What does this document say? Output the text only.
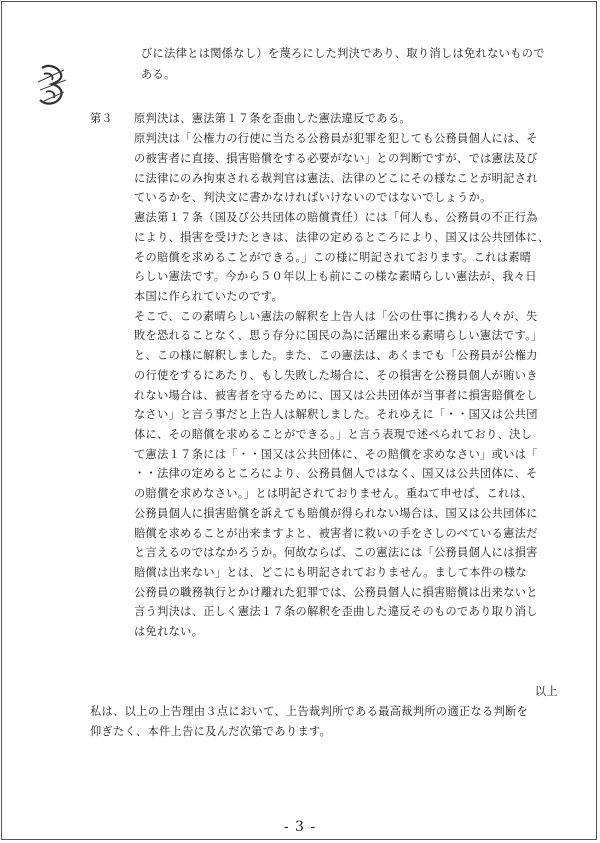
びに法律とは関係なし）を蔑ろにした判決であり、取り消しは免れないもので
ある。
第３ 原判決は、憲法第１７条を歪曲した憲法違反である。
原判決は「公権力の行使に当たる公務員が犯罪を犯しても公務員個人には、そ
の被害者に直接、損害賠償をする必要がない」との判断ですが、では憲法及び
に法律にのみ拘束される裁判官は憲法、法律のどこにその様なことが明記され
ているかを、判決文に書かなければいけないのではないでしょうか。
憲法第１７条（国及び公共団体の賠償責任）には「何人も、公務員の不正行為
により、損害を受けたときは、法律の定めるところにより、国又は公共団体に、
その賠償を求めることができる。」この様に明記されております。これは素晴
らしい憲法です。今から５０年以上も前にこの様な素晴らしい憲法が、我々日
本国に作られていたのです。
そこで、この素晴らしい憲法の解釈を上告人は「公の仕事に携わる人々が、失
敗を恐れることなく、思う存分に国民の為に活躍出来る素晴らしい憲法です。」
と、この様に解釈しました。また、この憲法は、あくまでも「公務員が公権力
の行使をするにあたり、もし失敗した場合に、その損害を公務員個人が賄いき
れない場合は、被害者を守るために、国又は公共団体が当事者に損害賠償をし
なさい」と言う事だと上告人は解釈しました。それゆえに「・・国又は公共団
体に、その賠償を求めることができる。」と言う表現で述べられており、決し
て憲法１７条には「・・国又は公共団体に、その賠償を求めなさい」或いは「
・・法律の定めるところにより、公務員個人ではなく、国又は公共団体に、そ
の賠償を求めなさい。」とは明記されておりません。重ねて申せば、これは、
公務員個人に損害賠償を訴えても賠償が得られない場合は、国又は公共団体に
賠償を求めることが出来ますよと、被害者に救いの手をさしのべている憲法だ
と言えるのではなかろうか。何故ならば、この憲法には「公務員個人には損害
賠償は出来ない」とは、どこにも明記されておりません。まして本件の様な
公務員の職務執行とかけ離れた犯罪では、公務員個人に損害賠償は出来ないと
言う判決は、正しく憲法１７条の解釈を歪曲した違反そのものであり取り消し
は免れない。
以上
私は、以上の上告理由３点において、上告裁判所である最高裁判所の適正なる判断を
仰ぎたく、本件上告に及んだ次第であります。
- 3 -
